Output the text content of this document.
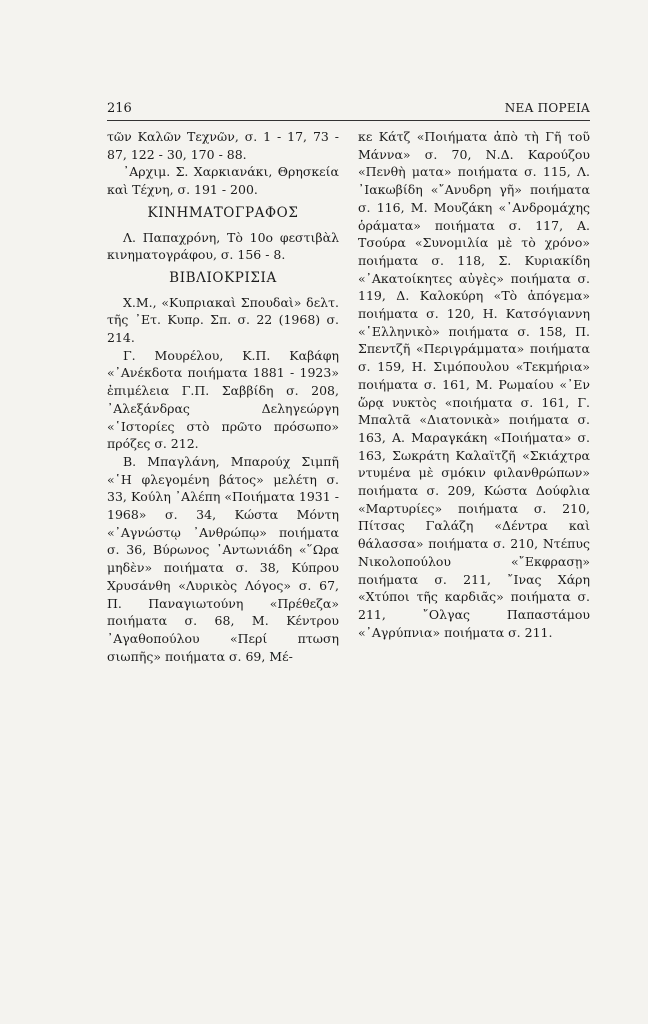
216	ΝΕΑ ΠΟΡΕΙΑ

τῶν Καλῶν Τεχνῶν, σ. 1 - 17, 73 - 87, 122 - 30, 170 - 88.

᾿Αρχιμ. Σ. Χαρκιανάκι, Θρησκεία καὶ Τέχνη, σ. 191 - 200.

ΚΙΝΗΜΑΤΟΓΡΑΦΟΣ

Λ. Παπαχρόνη, Τὸ 10ο φεστιβὰλ κινηματογράφου, σ. 156 - 8.

ΒΙΒΛΙΟΚΡΙΣΙΑ

Χ.Μ., «Κυπριακαὶ Σπουδαὶ» δελτ. τῆς ᾿Ετ. Κυπρ. Σπ. σ. 22 (1968) σ. 214.

Γ. Μουρέλου, Κ.Π. Καβάφη «᾿Ανέκδοτα ποιήματα 1881 - 1923» ἐπιμέλεια Γ.Π. Σαββίδη σ. 208, ᾿Αλεξάνδρας Δεληγεώργη «῾Ιστορίες στὸ πρῶτο πρόσωπο» πρόζες σ. 212.

Β. Μπαγλάνη, Μπαρούχ Σιμπῆ «῾Η φλεγομένη βάτος» μελέτη σ. 33, Κούλη ᾿Αλέπη «Ποιήματα 1931 - 1968» σ. 34, Κώστα Μόντη «᾿Αγνώστῳ ᾿Ανθρώπῳ» ποιήματα σ. 36, Βύρωνος ᾿Αντωνιάδη «῞Ωρα μηδὲν» ποιήματα σ. 38, Κύπρου Χρυσάνθη «Λυρικὸς Λόγος» σ. 67, Π. Παναγιωτούνη «Πρέθεζα» ποιήματα σ. 68, Μ. Κέντρου ᾿Αγαθοπούλου «Περί πτωση σιωπῆς» ποιήματα σ. 69, Μέ-

κε Κάτζ «Ποιήματα ἀπὸ τὴ Γῆ τοῦ Μάννα» σ. 70, Ν.Δ. Καρούζου «Πενθὴ ματα» ποιήματα σ. 115, Λ. ᾿Ιακωβίδη «῎Ανυδρη γῆ» ποιήματα σ. 116, Μ. Μουζάκη «᾿Ανδρομάχης ὁράματα» ποιήματα σ. 117, Α. Τσούρα «Συνομιλία μὲ τὸ χρόνο» ποιήματα σ. 118, Σ. Κυριακίδη «᾿Ακατοίκητες αὐγὲς» ποιήματα σ. 119, Δ. Καλοκύρη «Τὸ ἀπόγεμα» ποιήματα σ. 120, Η. Κατσόγιαννη «῾Ελληνικὸ» ποιήματα σ. 158, Π. Σπεντζῆ «Περιγράμματα» ποιήματα σ. 159, Η. Σιμόπουλου «Τεκμήρια» ποιήματα σ. 161, Μ. Ρωμαίου «᾿Εν ὥρᾳ νυκτὸς «ποιήματα σ. 161, Γ. Μπαλτᾶ «Διατονικὰ» ποιήματα σ. 163, Α. Μαραγκάκη «Ποιήματα» σ. 163, Σωκράτη Καλαϊτζῆ «Σκιάχτρα ντυμένα μὲ σμόκιν φιλανθρώπων» ποιήματα σ. 209, Κώστα Δούφλια «Μαρτυρίες» ποιήματα σ. 210, Πίτσας Γαλάζη «Δέντρα καὶ θάλασσα» ποιήματα σ. 210, Ντέπυς Νικολοπούλου «῎Εκφρασῃ» ποιήματα σ. 211, ῎Ινας Χάρη «Χτύποι τῆς καρδιᾶς» ποιήματα σ. 211, ῎Ολγας Παπαστάμου «᾿Αγρύπνια» ποιήματα σ. 211.
